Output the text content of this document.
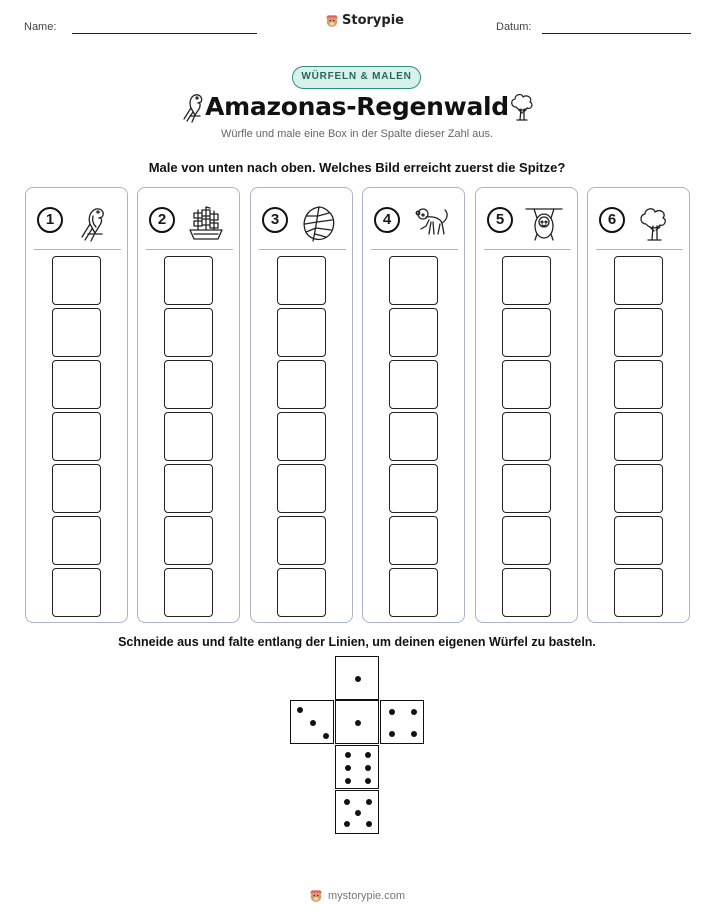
Name:	Storypie	Datum:
WÜRFELN & MALEN
Amazonas-Regenwald
Würfle und male eine Box in der Spalte dieser Zahl aus.
Male von unten nach oben. Welches Bild erreicht zuerst die Spitze?
1	2	3	4	5	6
Schneide aus und falte entlang der Linien, um deinen eigenen Würfel zu basteln.
mystorypie.com
